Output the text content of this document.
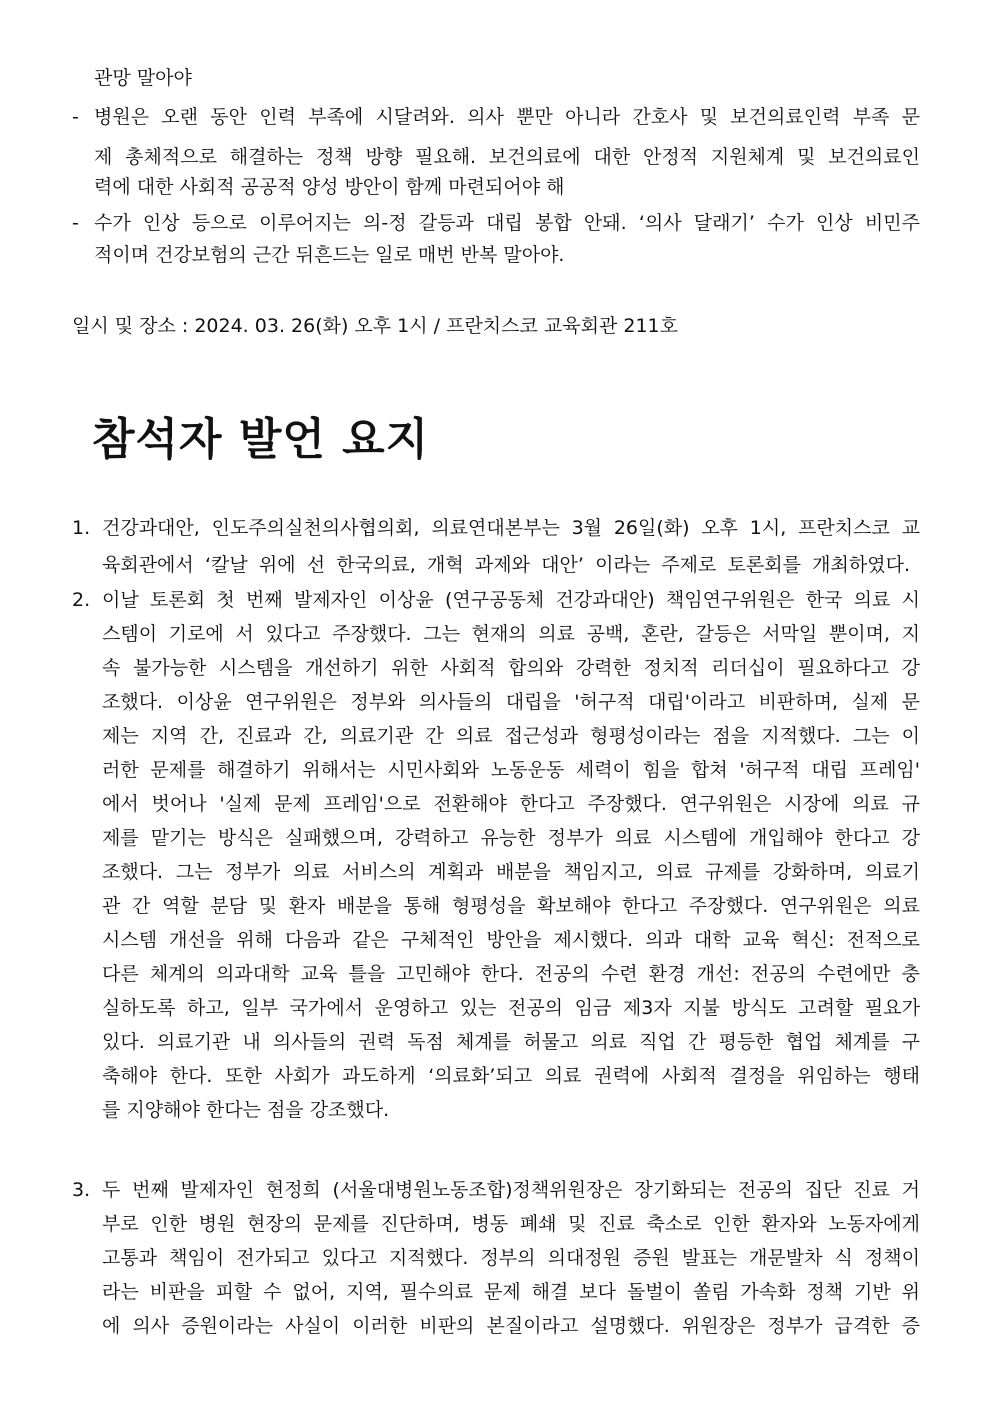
관망 말아야
- 병원은 오랜 동안 인력 부족에 시달려와. 의사 뿐만 아니라 간호사 및 보건의료인력 부족 문
제 총체적으로 해결하는 정책 방향 필요해. 보건의료에 대한 안정적 지원체계 및 보건의료인
력에 대한 사회적 공공적 양성 방안이 함께 마련되어야 해
- 수가 인상 등으로 이루어지는 의-정 갈등과 대립 봉합 안돼. ‘의사 달래기’ 수가 인상 비민주
적이며 건강보험의 근간 뒤흔드는 일로 매번 반복 말아야.
일시 및 장소 : 2024. 03. 26(화) 오후 1시 / 프란치스코 교육회관 211호
참석자 발언 요지
1. 건강과대안, 인도주의실천의사협의회, 의료연대본부는 3월 26일(화) 오후 1시, 프란치스코 교
육회관에서 ‘칼날 위에 선 한국의료, 개혁 과제와 대안’ 이라는 주제로 토론회를 개최하였다.
2. 이날 토론회 첫 번째 발제자인 이상윤 (연구공동체 건강과대안) 책임연구위원은 한국 의료 시
스템이 기로에 서 있다고 주장했다. 그는 현재의 의료 공백, 혼란, 갈등은 서막일 뿐이며, 지
속 불가능한 시스템을 개선하기 위한 사회적 합의와 강력한 정치적 리더십이 필요하다고 강
조했다. 이상윤 연구위원은 정부와 의사들의 대립을 '허구적 대립'이라고 비판하며, 실제 문
제는 지역 간, 진료과 간, 의료기관 간 의료 접근성과 형평성이라는 점을 지적했다. 그는 이
러한 문제를 해결하기 위해서는 시민사회와 노동운동 세력이 힘을 합쳐 '허구적 대립 프레임'
에서 벗어나 '실제 문제 프레임'으로 전환해야 한다고 주장했다. 연구위원은 시장에 의료 규
제를 맡기는 방식은 실패했으며, 강력하고 유능한 정부가 의료 시스템에 개입해야 한다고 강
조했다. 그는 정부가 의료 서비스의 계획과 배분을 책임지고, 의료 규제를 강화하며, 의료기
관 간 역할 분담 및 환자 배분을 통해 형평성을 확보해야 한다고 주장했다. 연구위원은 의료
시스템 개선을 위해 다음과 같은 구체적인 방안을 제시했다. 의과 대학 교육 혁신: 전적으로
다른 체계의 의과대학 교육 틀을 고민해야 한다. 전공의 수련 환경 개선: 전공의 수련에만 충
실하도록 하고, 일부 국가에서 운영하고 있는 전공의 임금 제3자 지불 방식도 고려할 필요가
있다. 의료기관 내 의사들의 권력 독점 체계를 허물고 의료 직업 간 평등한 협업 체계를 구
축해야 한다. 또한 사회가 과도하게 ‘의료화’되고 의료 권력에 사회적 결정을 위임하는 행태
를 지양해야 한다는 점을 강조했다.
3. 두 번째 발제자인 현정희 (서울대병원노동조합)정책위원장은 장기화되는 전공의 집단 진료 거
부로 인한 병원 현장의 문제를 진단하며, 병동 폐쇄 및 진료 축소로 인한 환자와 노동자에게
고통과 책임이 전가되고 있다고 지적했다. 정부의 의대정원 증원 발표는 개문발차 식 정책이
라는 비판을 피할 수 없어, 지역, 필수의료 문제 해결 보다 돌벌이 쏠림 가속화 정책 기반 위
에 의사 증원이라는 사실이 이러한 비판의 본질이라고 설명했다. 위원장은 정부가 급격한 증
